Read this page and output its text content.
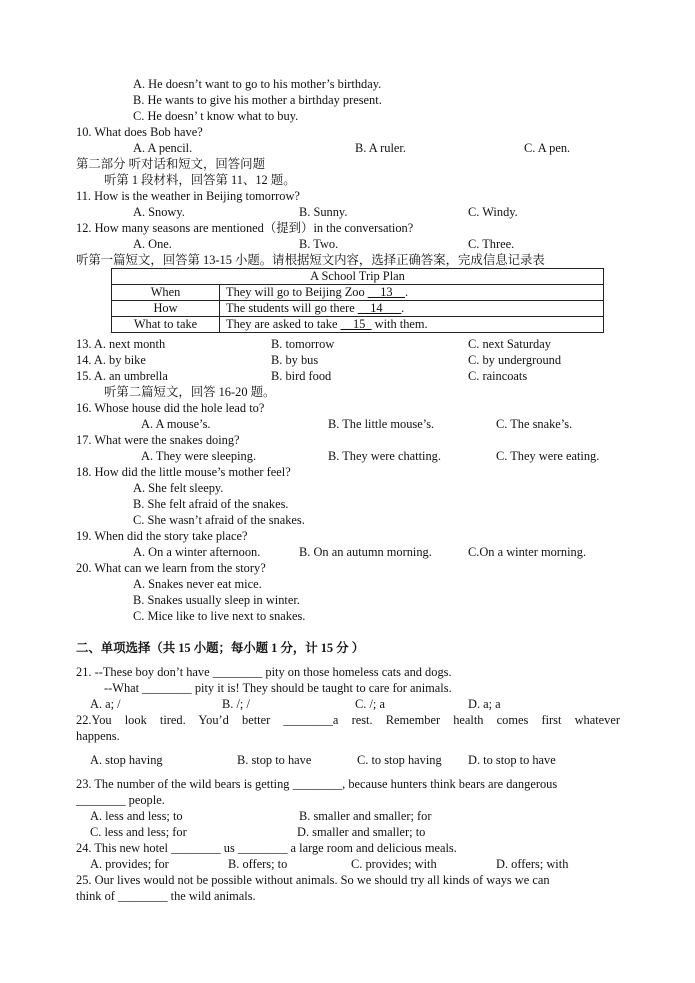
A. He doesn’t want to go to his mother’s birthday.
B. He wants to give his mother a birthday present.
C. He doesn’ t know what to buy.
10. What does Bob have?
A. A pencil.	B. A ruler.	C. A pen.
第二部分 听对话和短文，回答问题
听第 1 段材料，回答第 11、12 题。
11. How is the weather in Beijing tomorrow?
A. Snowy.	B. Sunny.	C. Windy.
12. How many seasons are mentioned（提到）in the conversation?
A. One.	B. Two.	C. Three.
听第一篇短文，回答第 13-15 小题。请根据短文内容，选择正确答案，完成信息记录表
13. A. next month	B. tomorrow	C. next Saturday
14. A. by bike	B. by bus	C. by underground
15. A. an umbrella	B. bird food	C. raincoats
听第二篇短文，回答 16-20 题。
16. Whose house did the hole lead to?
A. A mouse’s.	B. The little mouse’s.	C. The snake’s.
17. What were the snakes doing?
A. They were sleeping.	B. They were chatting.	C. They were eating.
18. How did the little mouse’s mother feel?
A. She felt sleepy.
B. She felt afraid of the snakes.
C. She wasn’t afraid of the snakes.
19. When did the story take place?
A. On a winter afternoon.	B. On an autumn morning.	C.On a winter morning.
20. What can we learn from the story?
A. Snakes never eat mice.
B. Snakes usually sleep in winter.
C. Mice like to live next to snakes.
二、单项选择（共 15 小题；每小题 1 分，计 15 分 ）
21. --These boy don’t have ________ pity on those homeless cats and dogs.
--What ________ pity it is! They should be taught to care for animals.
A. a; /	B. /; /	C. /; a	D. a; a
happens.
A. stop having	B. stop to have	C. to stop having D. to stop to have
23. The number of the wild bears is getting ________, because hunters think bears are dangerous
________ people.
A. less and less; to	B. smaller and smaller; for
C. less and less; for	D. smaller and smaller; to
24. This new hotel ________ us ________ a large room and delicious meals.
A. provides; for	B. offers; to	C. provides; with	D. offers; with
25. Our lives would not be possible without animals. So we should try all kinds of ways we can
think of ________ the wild animals.
22.You look tired. You’d better ________a rest. Remember health comes first whatever
A School Trip Plan	
When	They will go to Beijing Zoo __13__.
How	The students will go there __14___.
What to take	They are asked to take __15_ with them.
